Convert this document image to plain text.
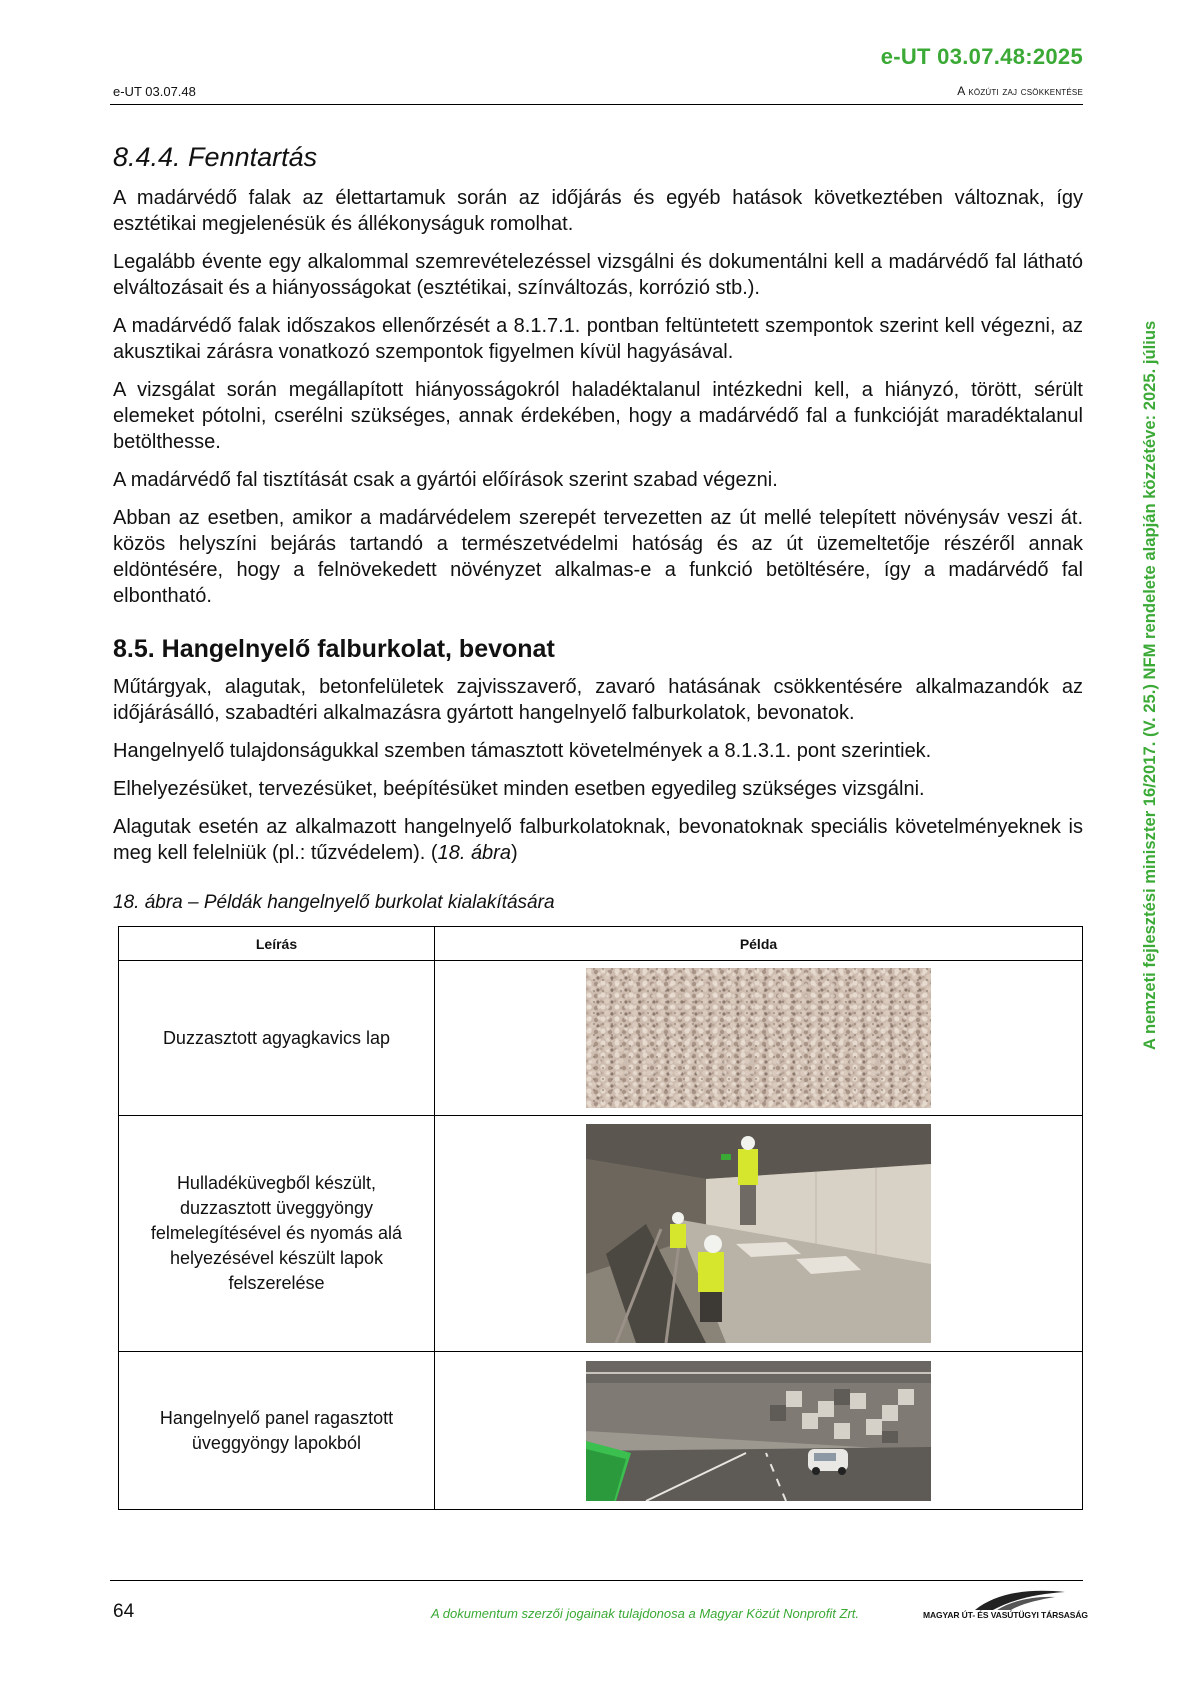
e-UT 03.07.48:2025
e-UT 03.07.48	A közúti zaj csökkentése
A nemzeti fejlesztési miniszter 16/2017. (V. 25.) NFM rendelete alapján közzétéve: 2025. július
8.4.4. Fenntartás

A madárvédő falak az élettartamuk során az időjárás és egyéb hatások következtében változnak, így esztétikai megjelenésük és állékonyságuk romolhat.

Legalább évente egy alkalommal szemrevételezéssel vizsgálni és dokumentálni kell a madárvédő fal látható elváltozásait és a hiányosságokat (esztétikai, színváltozás, korrózió stb.).

A madárvédő falak időszakos ellenőrzését a 8.1.7.1. pontban feltüntetett szempontok szerint kell végezni, az akusztikai zárásra vonatkozó szempontok figyelmen kívül hagyásával.

A vizsgálat során megállapított hiányosságokról haladéktalanul intézkedni kell, a hiányzó, törött, sérült elemeket pótolni, cserélni szükséges, annak érdekében, hogy a madárvédő fal a funkcióját maradéktalanul betölthesse.

A madárvédő fal tisztítását csak a gyártói előírások szerint szabad végezni.

Abban az esetben, amikor a madárvédelem szerepét tervezetten az út mellé telepített növénysáv veszi át. közös helyszíni bejárás tartandó a természetvédelmi hatóság és az út üzemeltetője részéről annak eldöntésére, hogy a felnövekedett növényzet alkalmas-e a funkció betöltésére, így a madárvédő fal elbontható.

8.5. Hangelnyelő falburkolat, bevonat

Műtárgyak, alagutak, betonfelületek zajvisszaverő, zavaró hatásának csökkentésére alkalmazandók az időjárásálló, szabadtéri alkalmazásra gyártott hangelnyelő falburkolatok, bevonatok.

Hangelnyelő tulajdonságukkal szemben támasztott követelmények a 8.1.3.1. pont szerintiek.

Elhelyezésüket, tervezésüket, beépítésüket minden esetben egyedileg szükséges vizsgálni.

Alagutak esetén az alkalmazott hangelnyelő falburkolatoknak, bevonatoknak speciális követelményeknek is meg kell felelniük (pl.: tűzvédelem). (18. ábra)

18. ábra – Példák hangelnyelő burkolat kialakítására

Leírás	Példa
Duzzasztott agyagkavics lap	

Hulladéküvegből készült, duzzasztott üveggyöngy felmelegítésével és nyomás alá helyezésével készült lapok felszerelése	

Hangelnyelő panel ragasztott üveggyöngy lapokból	
64	A dokumentum szerzői jogainak tulajdonosa a Magyar Közút Nonprofit Zrt.	MAGYAR ÚT- ÉS VASÚTÜGYI TÁRSASÁG
